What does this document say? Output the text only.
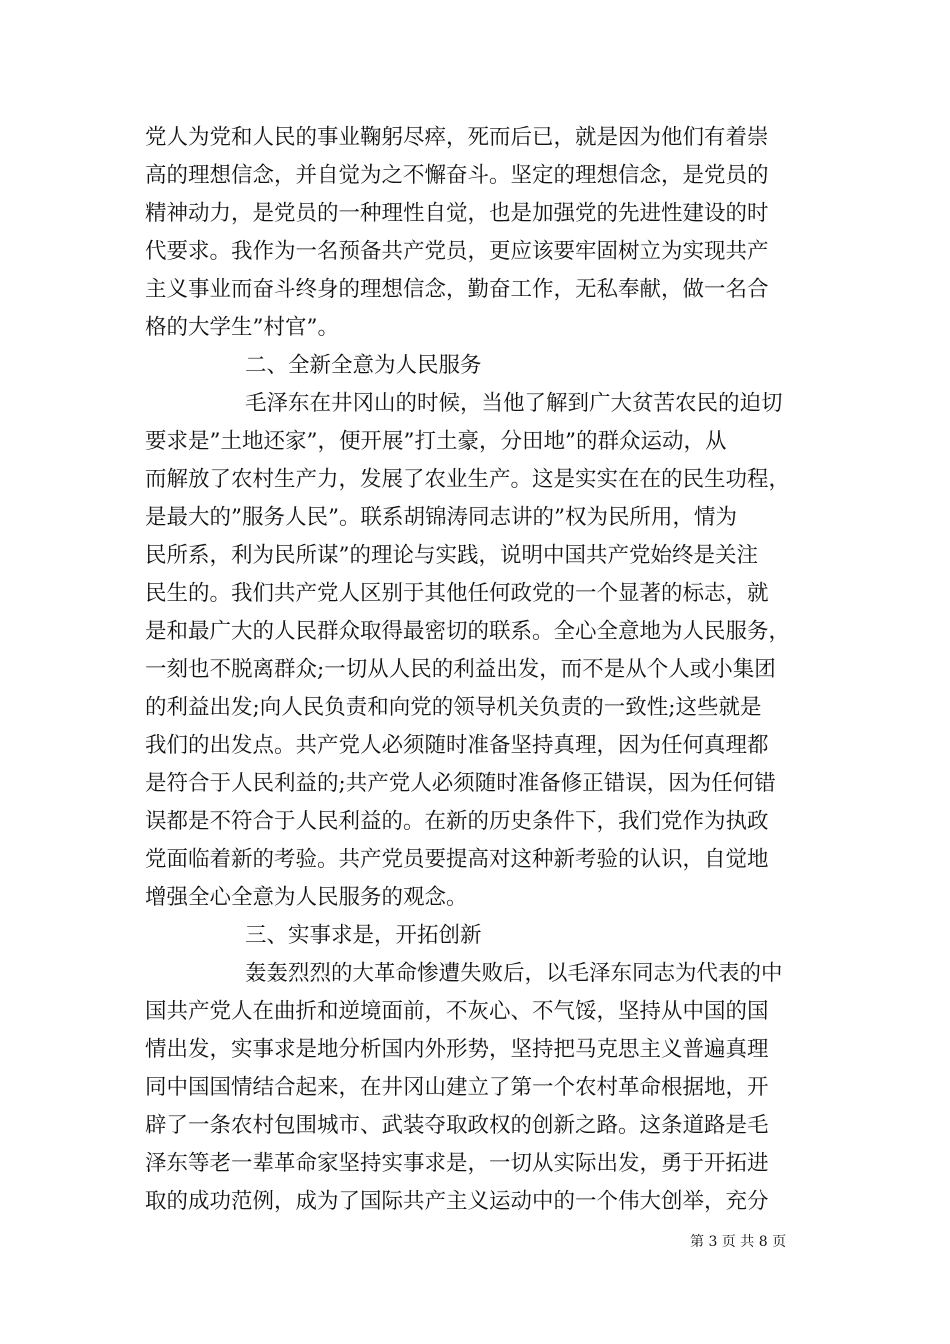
党人为党和人民的事业鞠躬尽瘁，死而后已，就是因为他们有着崇
高的理想信念，并自觉为之不懈奋斗。坚定的理想信念，是党员的
精神动力，是党员的一种理性自觉，也是加强党的先进性建设的时
代要求。我作为一名预备共产党员，更应该要牢固树立为实现共产
主义事业而奋斗终身的理想信念，勤奋工作，无私奉献，做一名合
格的大学生”村官”。
二、全新全意为人民服务
毛泽东在井冈山的时候，当他了解到广大贫苦农民的迫切
要求是”土地还家”，便开展”打土豪，分田地”的群众运动，从
而解放了农村生产力，发展了农业生产。这是实实在在的民生功程，
是最大的”服务人民”。联系胡锦涛同志讲的”权为民所用，情为
民所系，利为民所谋”的理论与实践，说明中国共产党始终是关注
民生的。我们共产党人区别于其他任何政党的一个显著的标志，就
是和最广大的人民群众取得最密切的联系。全心全意地为人民服务，
一刻也不脱离群众;一切从人民的利益出发，而不是从个人或小集团
的利益出发;向人民负责和向党的领导机关负责的一致性;这些就是
我们的出发点。共产党人必须随时准备坚持真理，因为任何真理都
是符合于人民利益的;共产党人必须随时准备修正错误，因为任何错
误都是不符合于人民利益的。在新的历史条件下，我们党作为执政
党面临着新的考验。共产党员要提高对这种新考验的认识，自觉地
增强全心全意为人民服务的观念。
三、实事求是，开拓创新
轰轰烈烈的大革命惨遭失败后，以毛泽东同志为代表的中
国共产党人在曲折和逆境面前，不灰心、不气馁，坚持从中国的国
情出发，实事求是地分析国内外形势，坚持把马克思主义普遍真理
同中国国情结合起来，在井冈山建立了第一个农村革命根据地，开
辟了一条农村包围城市、武装夺取政权的创新之路。这条道路是毛
泽东等老一辈革命家坚持实事求是，一切从实际出发，勇于开拓进
取的成功范例，成为了国际共产主义运动中的一个伟大创举，充分
第 3 页 共 8 页
